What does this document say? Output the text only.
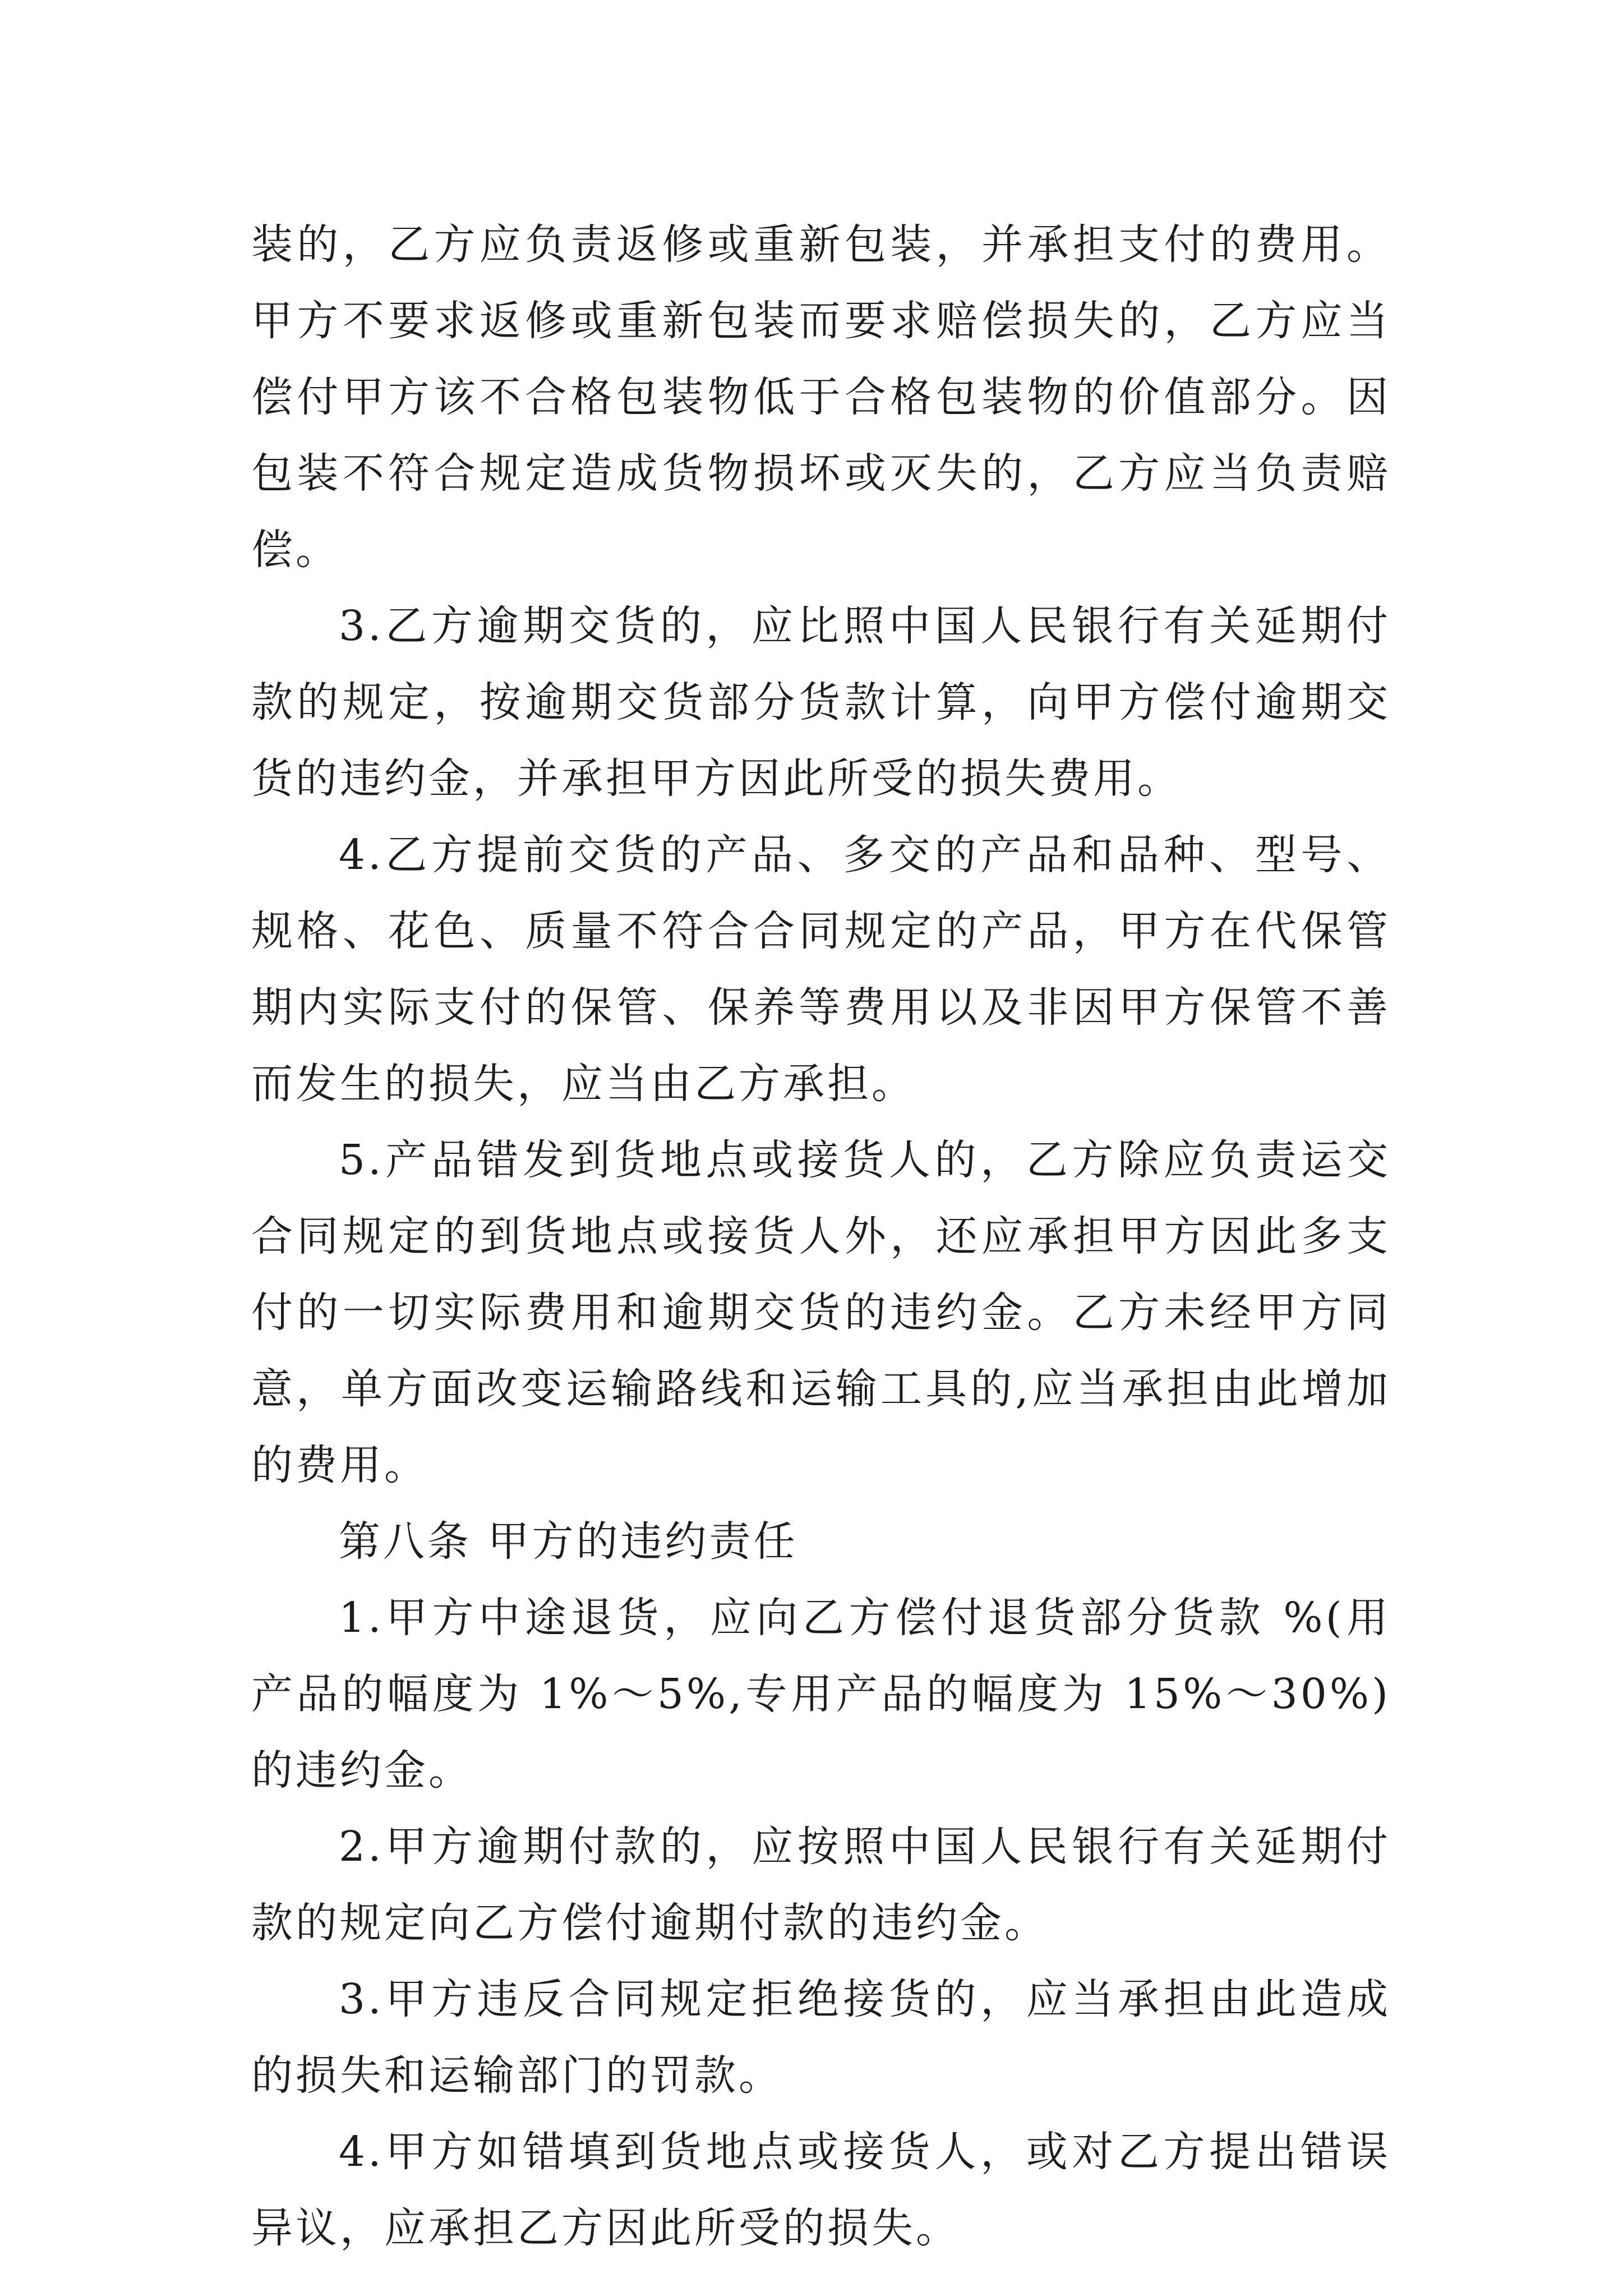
装的，乙方应负责返修或重新包装，并承担支付的费用。甲方不要求返修或重新包装而要求赔偿损失的，乙方应当偿付甲方该不合格包装物低于合格包装物的价值部分。因包装不符合规定造成货物损坏或灭失的，乙方应当负责赔偿。

3.乙方逾期交货的，应比照中国人民银行有关延期付款的规定，按逾期交货部分货款计算，向甲方偿付逾期交货的违约金，并承担甲方因此所受的损失费用。

4.乙方提前交货的产品、多交的产品和品种、型号、规格、花色、质量不符合合同规定的产品，甲方在代保管期内实际支付的保管、保养等费用以及非因甲方保管不善而发生的损失，应当由乙方承担。

5.产品错发到货地点或接货人的，乙方除应负责运交合同规定的到货地点或接货人外，还应承担甲方因此多支付的一切实际费用和逾期交货的违约金。乙方未经甲方同意，单方面改变运输路线和运输工具的,应当承担由此增加的费用。

第八条 甲方的违约责任

1.甲方中途退货，应向乙方偿付退货部分货款 %(用产品的幅度为 1%～5%,专用产品的幅度为 15%～30%)的违约金。

2.甲方逾期付款的，应按照中国人民银行有关延期付款的规定向乙方偿付逾期付款的违约金。

3.甲方违反合同规定拒绝接货的，应当承担由此造成的损失和运输部门的罚款。

4.甲方如错填到货地点或接货人，或对乙方提出错误异议，应承担乙方因此所受的损失。
